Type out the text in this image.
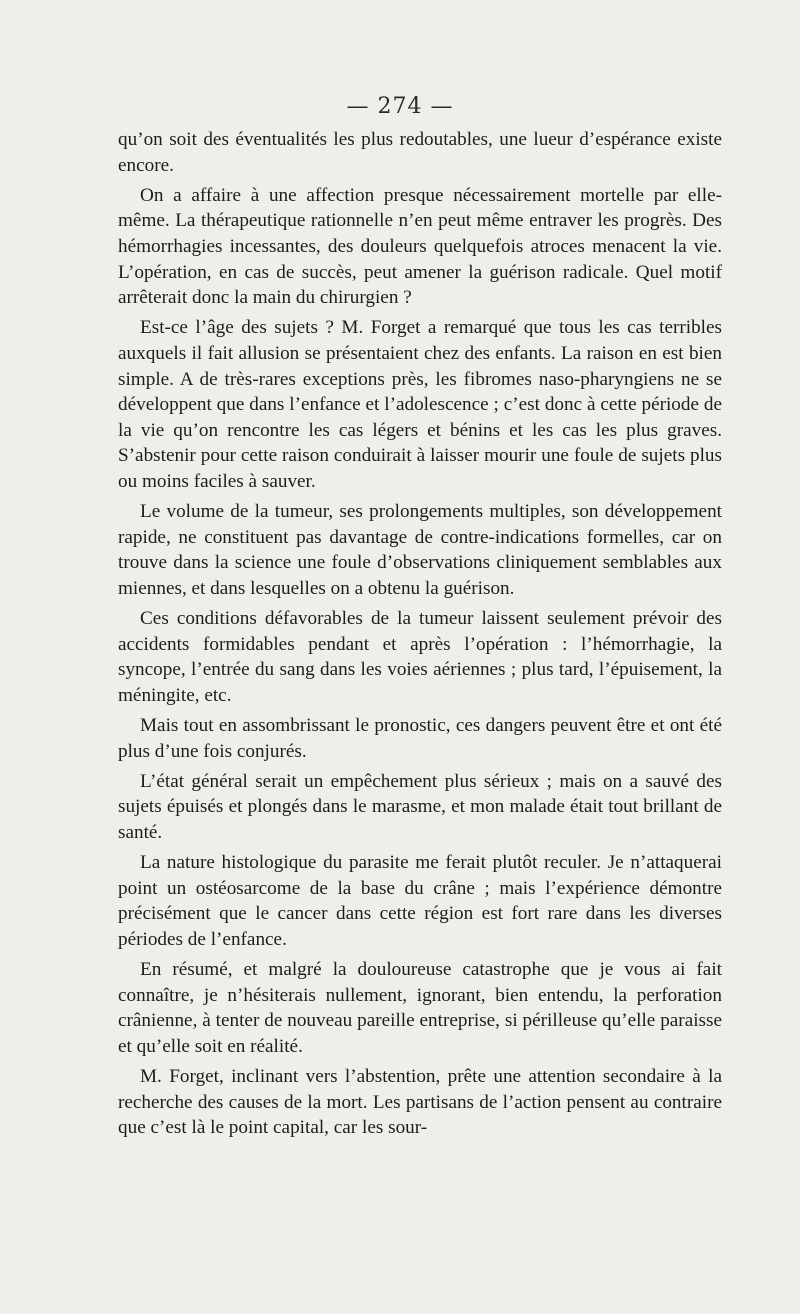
— 274 —

qu’on soit des éventualités les plus redoutables, une lueur d’espérance existe encore.

On a affaire à une affection presque nécessairement mortelle par elle-même. La thérapeutique rationnelle n’en peut même entraver les progrès. Des hémorrhagies incessantes, des douleurs quelquefois atroces menacent la vie. L’opération, en cas de succès, peut amener la guérison radicale. Quel motif arrêterait donc la main du chirurgien ?

Est-ce l’âge des sujets ? M. Forget a remarqué que tous les cas terribles auxquels il fait allusion se présentaient chez des enfants. La raison en est bien simple. A de très-rares exceptions près, les fibromes naso-pharyngiens ne se développent que dans l’enfance et l’adolescence ; c’est donc à cette période de la vie qu’on rencontre les cas légers et bénins et les cas les plus graves. S’abstenir pour cette raison conduirait à laisser mourir une foule de sujets plus ou moins faciles à sauver.

Le volume de la tumeur, ses prolongements multiples, son développement rapide, ne constituent pas davantage de contre-indications formelles, car on trouve dans la science une foule d’observations cliniquement semblables aux miennes, et dans lesquelles on a obtenu la guérison.

Ces conditions défavorables de la tumeur laissent seulement prévoir des accidents formidables pendant et après l’opération : l’hémorrhagie, la syncope, l’entrée du sang dans les voies aériennes ; plus tard, l’épuisement, la méningite, etc.

Mais tout en assombrissant le pronostic, ces dangers peuvent être et ont été plus d’une fois conjurés.

L’état général serait un empêchement plus sérieux ; mais on a sauvé des sujets épuisés et plongés dans le marasme, et mon malade était tout brillant de santé.

La nature histologique du parasite me ferait plutôt reculer. Je n’attaquerai point un ostéosarcome de la base du crâne ; mais l’expérience démontre précisément que le cancer dans cette région est fort rare dans les diverses périodes de l’enfance.

En résumé, et malgré la douloureuse catastrophe que je vous ai fait connaître, je n’hésiterais nullement, ignorant, bien entendu, la perforation crânienne, à tenter de nouveau pareille entreprise, si périlleuse qu’elle paraisse et qu’elle soit en réalité.

M. Forget, inclinant vers l’abstention, prête une attention secondaire à la recherche des causes de la mort. Les partisans de l’action pensent au contraire que c’est là le point capital, car les sour-
